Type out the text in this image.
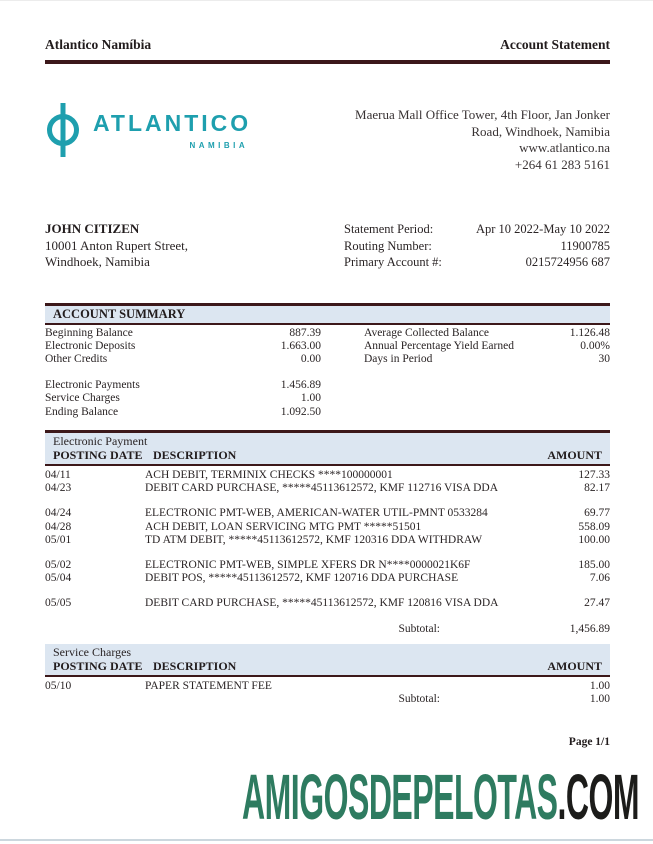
Atlantico Namíbia	Account Statement
ATLANTICO
NAMIBIA
Maerua Mall Office Tower, 4th Floor, Jan Jonker
Road, Windhoek, Namibia
www.atlantico.na
+264 61 283 5161
JOHN CITIZEN
10001 Anton Rupert Street,
Windhoek, Namibia
Statement Period:	Apr 10 2022-May 10 2022
Routing Number:	11900785
Primary Account #:	0215724956 687
ACCOUNT SUMMARY
Beginning Balance	887.39
Electronic Deposits	1.663.00
Other Credits	0.00
Electronic Payments	1.456.89
Service Charges	1.00
Ending Balance	1.092.50
Average Collected Balance	1.126.48
Annual Percentage Yield Earned	0.00%
Days in Period	30
Electronic Payment
POSTING DATE DESCRIPTION	AMOUNT
04/11	ACH DEBIT, TERMINIX CHECKS ****100000001	127.33
04/23	DEBIT CARD PURCHASE, *****45113612572, KMF 112716 VISA DDA	82.17
04/24	ELECTRONIC PMT-WEB, AMERICAN-WATER UTIL-PMNT 0533284	69.77
04/28	ACH DEBIT, LOAN SERVICING MTG PMT *****51501	558.09
05/01	TD ATM DEBIT, *****45113612572, KMF 120316 DDA WITHDRAW	100.00
05/02	ELECTRONIC PMT-WEB, SIMPLE XFERS DR N****0000021K6F	185.00
05/04	DEBIT POS, *****45113612572, KMF 120716 DDA PURCHASE	7.06
05/05	DEBIT CARD PURCHASE, *****45113612572, KMF 120816 VISA DDA	27.47
Subtotal:	1,456.89
Service Charges
POSTING DATE DESCRIPTION	AMOUNT
05/10	PAPER STATEMENT FEE	1.00
Subtotal:	1.00
Page 1/1
AMIGOSDEPELOTAS.COM
